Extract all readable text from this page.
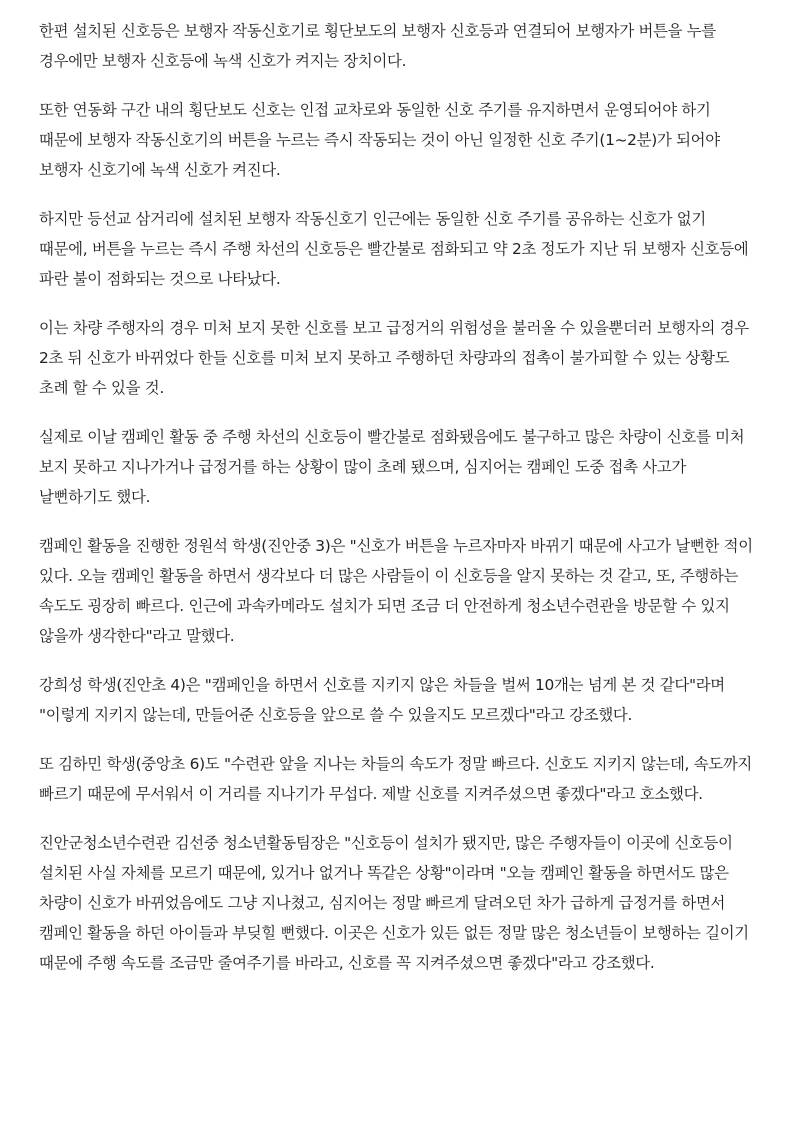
한편 설치된 신호등은 보행자 작동신호기로 횡단보도의 보행자 신호등과 연결되어 보행자가 버튼을 누를 경우에만 보행자 신호등에 녹색 신호가 켜지는 장치이다.

또한 연동화 구간 내의 횡단보도 신호는 인접 교차로와 동일한 신호 주기를 유지하면서 운영되어야 하기 때문에 보행자 작동신호기의 버튼을 누르는 즉시 작동되는 것이 아닌 일정한 신호 주기(1~2분)가 되어야 보행자 신호기에 녹색 신호가 켜진다.

하지만 등선교 삼거리에 설치된 보행자 작동신호기 인근에는 동일한 신호 주기를 공유하는 신호가 없기 때문에, 버튼을 누르는 즉시 주행 차선의 신호등은 빨간불로 점화되고 약 2초 정도가 지난 뒤 보행자 신호등에 파란 불이 점화되는 것으로 나타났다.

이는 차량 주행자의 경우 미처 보지 못한 신호를 보고 급정거의 위험성을 불러올 수 있을뿐더러 보행자의 경우 2초 뒤 신호가 바뀌었다 한들 신호를 미처 보지 못하고 주행하던 차량과의 접촉이 불가피할 수 있는 상황도 초례 할 수 있을 것.

실제로 이날 캠페인 활동 중 주행 차선의 신호등이 빨간불로 점화됐음에도 불구하고 많은 차량이 신호를 미처 보지 못하고 지나가거나 급정거를 하는 상황이 많이 초례 됐으며, 심지어는 캠페인 도중 접촉 사고가 날뻔하기도 했다.

캠페인 활동을 진행한 정원석 학생(진안중 3)은 "신호가 버튼을 누르자마자 바뀌기 때문에 사고가 날뻔한 적이 있다. 오늘 캠페인 활동을 하면서 생각보다 더 많은 사람들이 이 신호등을 알지 못하는 것 같고, 또, 주행하는 속도도 굉장히 빠르다. 인근에 과속카메라도 설치가 되면 조금 더 안전하게 청소년수련관을 방문할 수 있지 않을까 생각한다"라고 말했다.

강희성 학생(진안초 4)은 "캠페인을 하면서 신호를 지키지 않은 차들을 벌써 10개는 넘게 본 것 같다"라며 "이렇게 지키지 않는데, 만들어준 신호등을 앞으로 쓸 수 있을지도 모르겠다"라고 강조했다.

또 김하민 학생(중앙초 6)도 "수련관 앞을 지나는 차들의 속도가 정말 빠르다. 신호도 지키지 않는데, 속도까지 빠르기 때문에 무서워서 이 거리를 지나기가 무섭다. 제발 신호를 지켜주셨으면 좋겠다"라고 호소했다.

진안군청소년수련관 김선중 청소년활동팀장은 "신호등이 설치가 됐지만, 많은 주행자들이 이곳에 신호등이 설치된 사실 자체를 모르기 때문에, 있거나 없거나 똑같은 상황"이라며 "오늘 캠페인 활동을 하면서도 많은 차량이 신호가 바뀌었음에도 그냥 지나쳤고, 심지어는 정말 빠르게 달려오던 차가 급하게 급정거를 하면서 캠페인 활동을 하던 아이들과 부딪힐 뻔했다. 이곳은 신호가 있든 없든 정말 많은 청소년들이 보행하는 길이기 때문에 주행 속도를 조금만 줄여주기를 바라고, 신호를 꼭 지켜주셨으면 좋겠다"라고 강조했다.
